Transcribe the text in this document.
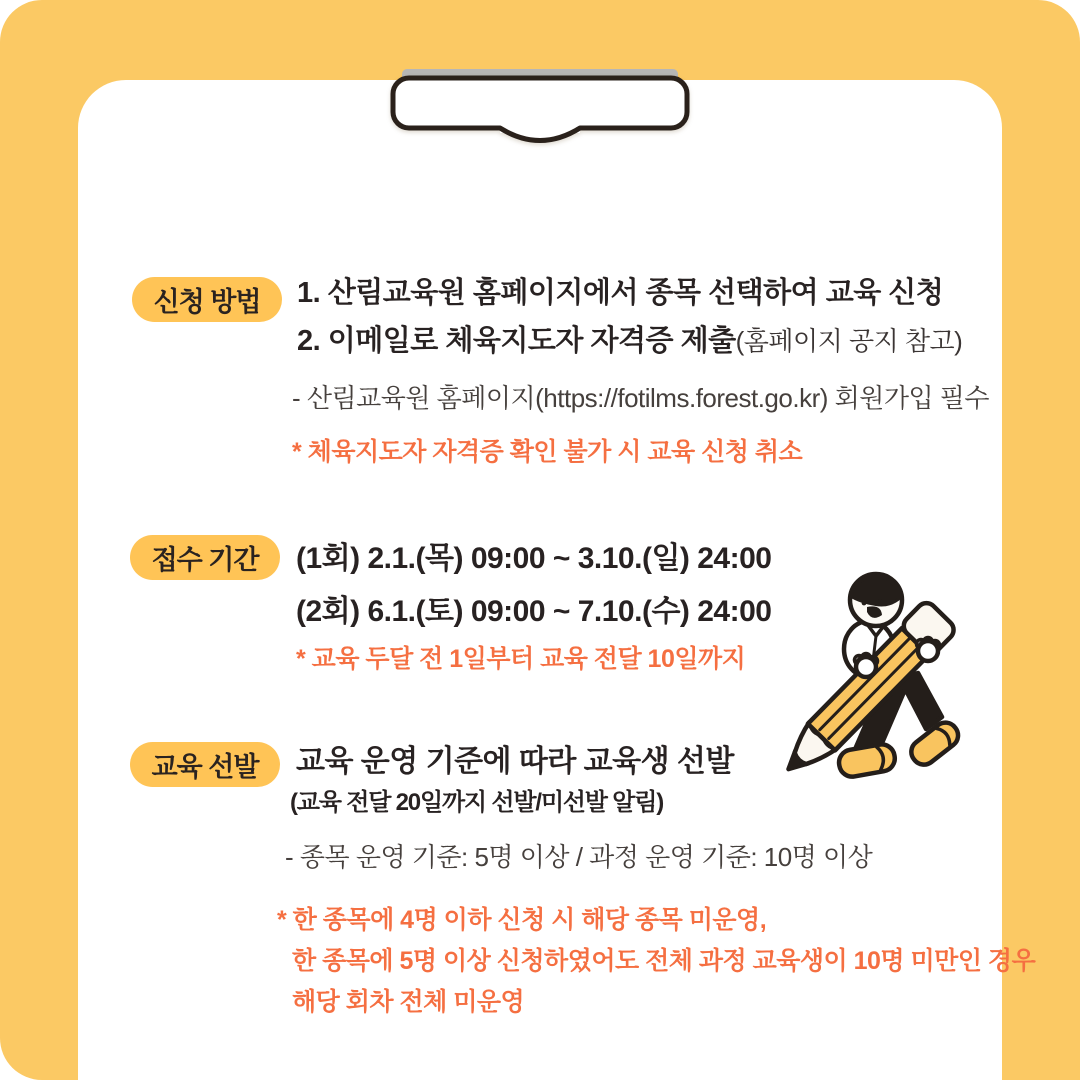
신청 방법 1. 산림교육원 홈페이지에서 종목 선택하여 교육 신청
2. 이메일로 체육지도자 자격증 제출(홈페이지 공지 참고)
- 산림교육원 홈페이지(https://fotilms.forest.go.kr) 회원가입 필수
* 체육지도자 자격증 확인 불가 시 교육 신청 취소
접수 기간 (1회) 2.1.(목) 09:00 ~ 3.10.(일) 24:00
(2회) 6.1.(토) 09:00 ~ 7.10.(수) 24:00
* 교육 두달 전 1일부터 교육 전달 10일까지
교육 선발 교육 운영 기준에 따라 교육생 선발
(교육 전달 20일까지 선발/미선발 알림)
- 종목 운영 기준: 5명 이상 / 과정 운영 기준: 10명 이상
* 한 종목에 4명 이하 신청 시 해당 종목 미운영,
한 종목에 5명 이상 신청하였어도 전체 과정 교육생이 10명 미만인 경우
해당 회차 전체 미운영
